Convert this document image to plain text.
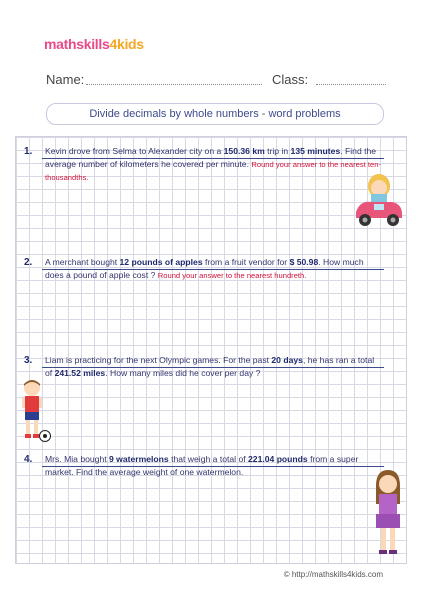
mathskills4kids
Name:	Class:
Divide decimals by whole numbers - word problems
1. Kevin drove from Selma to Alexander city on a 150.36 km trip in 135 minutes. Find the average number of kilometers he covered per minute. Round your answer to the nearest ten-thousandths.
2. A merchant bought 12 pounds of apples from a fruit vendor for $ 50.98. How much does a pound of apple cost ? Round your answer to the nearest hundreth.
3. Liam is practicing for the next Olympic games. For the past 20 days, he has ran a total of 241.52 miles. How many miles did he cover per day ?
4. Mrs. Mia bought 9 watermelons that weigh a total of 221.04 pounds from a super market. Find the average weight of one watermelon.
© http://mathskills4kids.com
